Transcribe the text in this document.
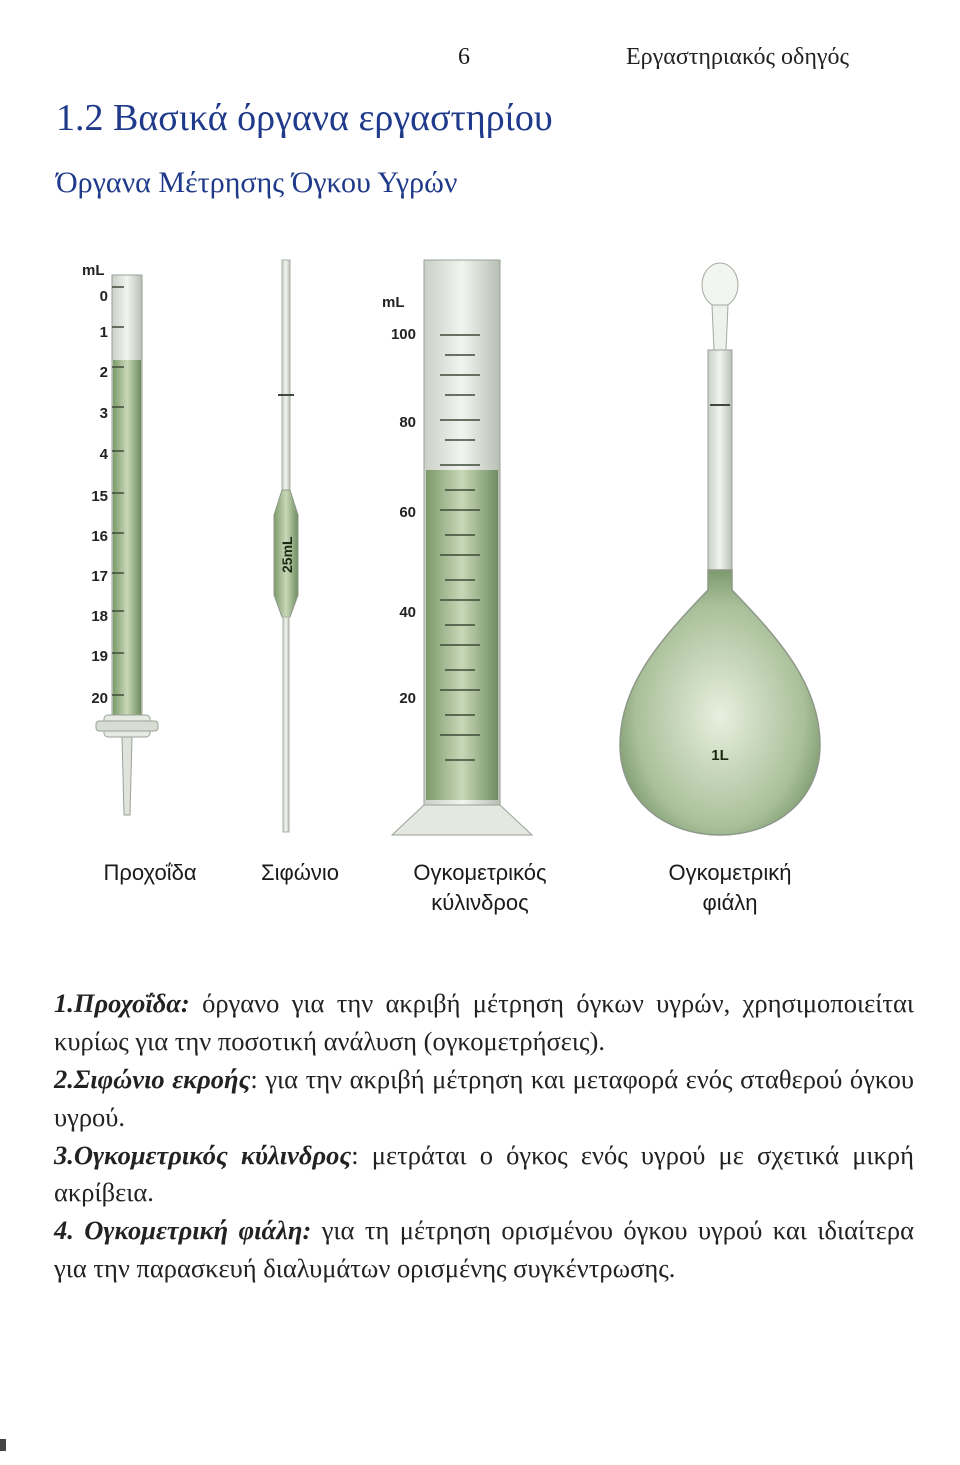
6	Εργαστηριακός οδηγός
1.2 Βασικά όργανα εργαστηρίου
Όργανα Μέτρησης Όγκου Υγρών
mL
0
1
2
3
4
15
16
17
18
19
20
25mL
mL
100
80
60
40
20
1L
Προχοΐδα	Σιφώνιο	Ογκομετρικός
κύλινδρος
Ογκομετρική
φιάλη

1.Προχοΐδα: όργανο για την ακριβή μέτρηση όγκων υγρών, χρησιμοποιείται κυρίως για την ποσοτική ανάλυση (ογκομετρήσεις).

2.Σιφώνιο εκροής: για την ακριβή μέτρηση και μεταφορά ενός σταθερού όγκου υγρού.

3.Ογκομετρικός κύλινδρος: μετράται ο όγκος ενός υγρού με σχετικά μικρή ακρίβεια.

4. Ογκομετρική φιάλη: για τη μέτρηση ορισμένου όγκου υγρού και ιδιαίτερα για την παρασκευή διαλυμάτων ορισμένης συγκέντρωσης.
